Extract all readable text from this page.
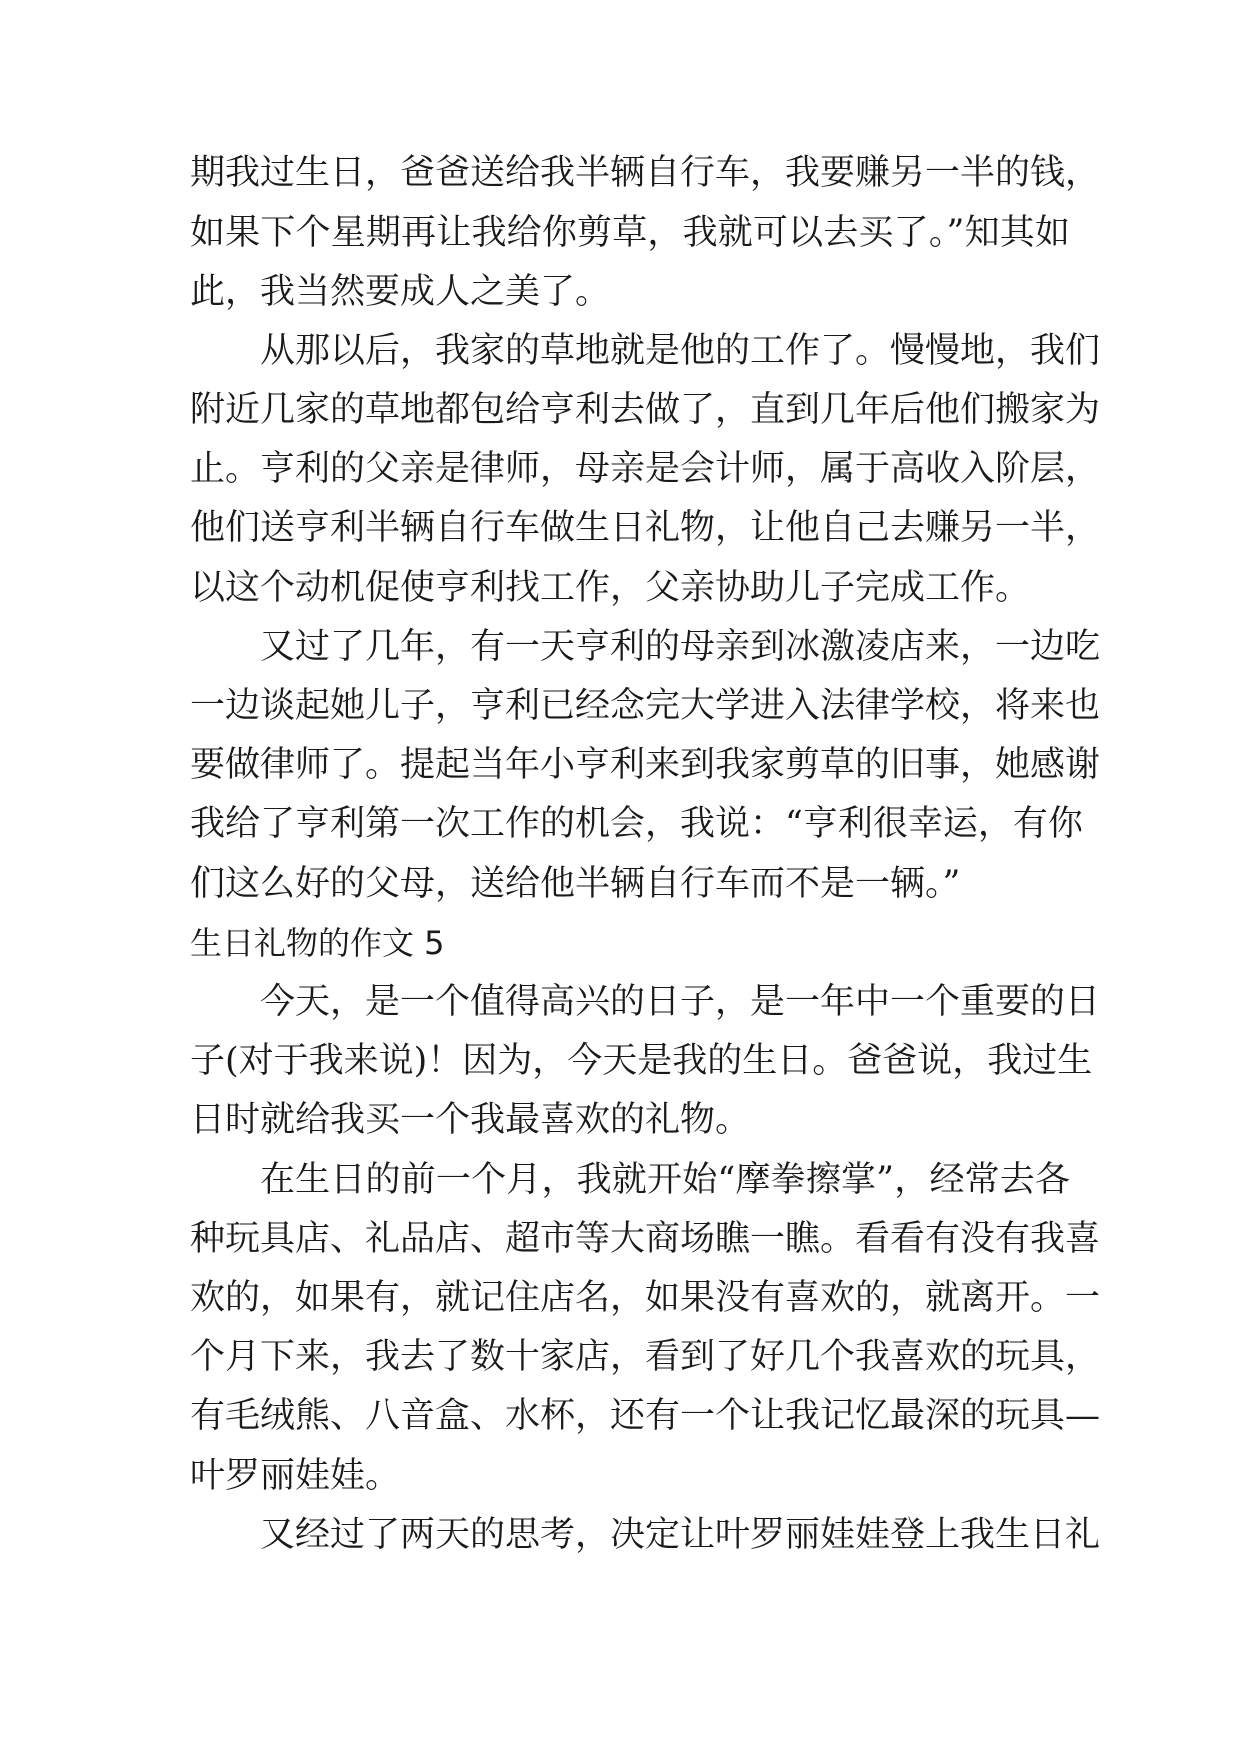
期我过生日，爸爸送给我半辆自行车，我要赚另一半的钱，
如果下个星期再让我给你剪草，我就可以去买了。”知其如
此，我当然要成人之美了。
从那以后，我家的草地就是他的工作了。慢慢地，我们
附近几家的草地都包给亨利去做了，直到几年后他们搬家为
止。亨利的父亲是律师，母亲是会计师，属于高收入阶层，
他们送亨利半辆自行车做生日礼物，让他自己去赚另一半，
以这个动机促使亨利找工作，父亲协助儿子完成工作。
又过了几年，有一天亨利的母亲到冰激凌店来，一边吃
一边谈起她儿子，亨利已经念完大学进入法律学校，将来也
要做律师了。提起当年小亨利来到我家剪草的旧事，她感谢
我给了亨利第一次工作的机会，我说：“亨利很幸运，有你
们这么好的父母，送给他半辆自行车而不是一辆。”
生日礼物的作文 5
今天，是一个值得高兴的日子，是一年中一个重要的日
子(对于我来说)！因为，今天是我的生日。爸爸说，我过生
日时就给我买一个我最喜欢的礼物。
在生日的前一个月，我就开始“摩拳擦掌”，经常去各
种玩具店、礼品店、超市等大商场瞧一瞧。看看有没有我喜
欢的，如果有，就记住店名，如果没有喜欢的，就离开。一
个月下来，我去了数十家店，看到了好几个我喜欢的玩具，
有毛绒熊、八音盒、水杯，还有一个让我记忆最深的玩具—
叶罗丽娃娃。
又经过了两天的思考，决定让叶罗丽娃娃登上我生日礼
